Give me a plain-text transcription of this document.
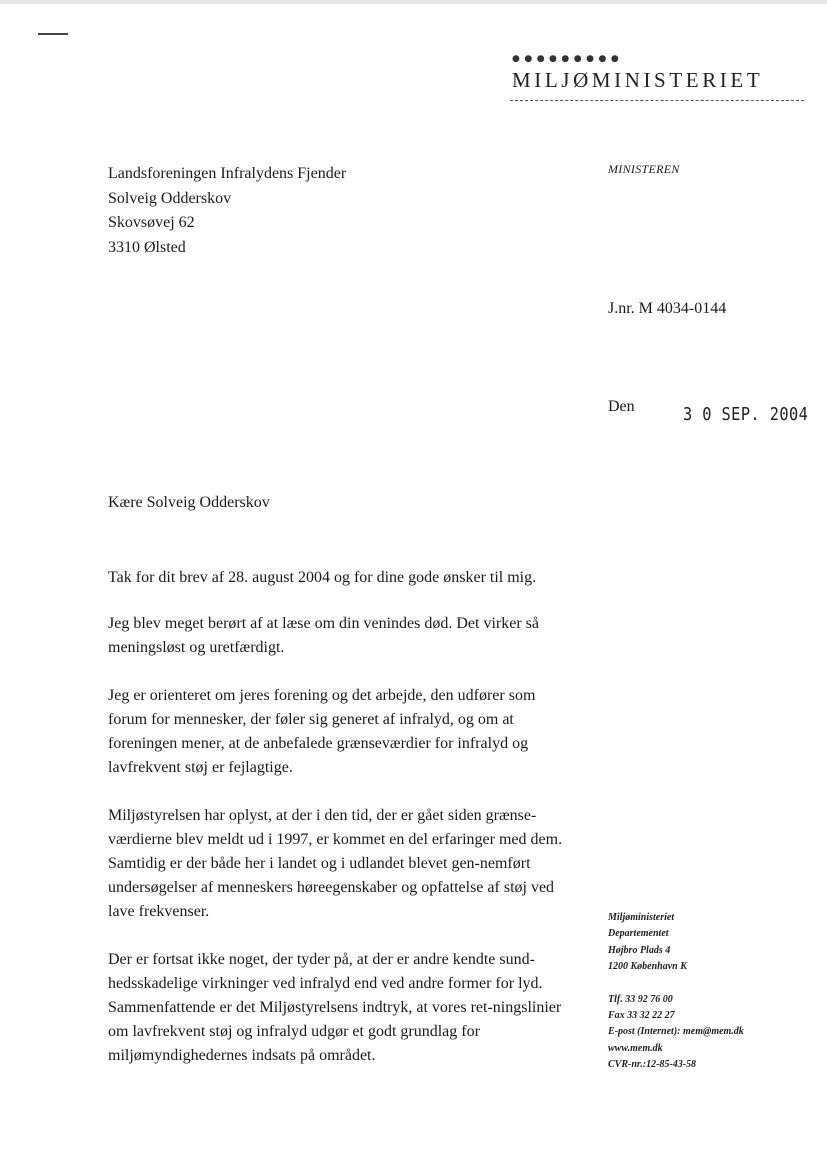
●●●●●●●●●
MILJØMINISTERIET
Landsforeningen Infralydens Fjender
Solveig Odderskov
Skovsøvej 62
3310 Ølsted
MINISTEREN
J.nr. M 4034-0144
Den	3 0 SEP. 2004
Kære Solveig Odderskov

Tak for dit brev af 28. august 2004 og for dine gode ønsker til mig.

Jeg blev meget berørt af at læse om din venindes død. Det virker så meningsløst og uretfærdigt.

Jeg er orienteret om jeres forening og det arbejde, den udfører som forum for mennesker, der føler sig generet af infralyd, og om at foreningen mener, at de anbefalede grænseværdier for infralyd og lavfrekvent støj er fejlagtige.

Miljøstyrelsen har oplyst, at der i den tid, der er gået siden grænse-værdierne blev meldt ud i 1997, er kommet en del erfaringer med dem. Samtidig er der både her i landet og i udlandet blevet gen-nemført undersøgelser af menneskers høreegenskaber og opfattelse af støj ved lave frekvenser.

Der er fortsat ikke noget, der tyder på, at der er andre kendte sund-hedsskadelige virkninger ved infralyd end ved andre former for lyd. Sammenfattende er det Miljøstyrelsens indtryk, at vores ret-ningslinier om lavfrekvent støj og infralyd udgør et godt grundlag for miljømyndighedernes indsats på området.

Miljøministeriet
Departementet
Højbro Plads 4
1200 København K
Tlf. 33 92 76 00
Fax 33 32 22 27
E-post (Internet): mem@mem.dk
www.mem.dk
CVR-nr.:12-85-43-58
